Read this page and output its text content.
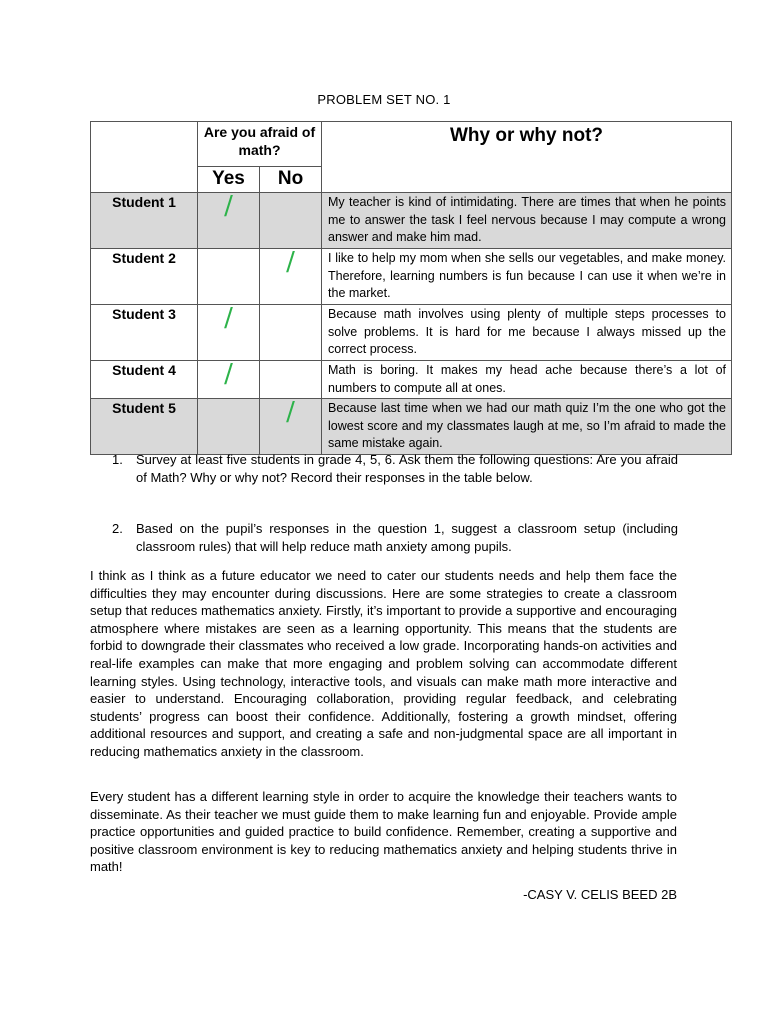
PROBLEM SET NO. 1
	Are you afraid of math?		Why or why not?
	Yes	No	
Student 1	/		My teacher is kind of intimidating. There are times that when he points me to answer the task I feel nervous because I may compute a wrong answer and make him mad.
Student 2		/	I like to help my mom when she sells our vegetables, and make money. Therefore, learning numbers is fun because I can use it when we’re in the market.
Student 3	/		Because math involves using plenty of multiple steps processes to solve problems. It is hard for me because I always missed up the correct process.
Student 4	/		Math is boring. It makes my head ache because there’s a lot of numbers to compute all at ones.
Student 5		/	Because last time when we had our math quiz I’m the one who got the lowest score and my classmates laugh at me, so I’m afraid to made the same mistake again.
1. Survey at least five students in grade 4, 5, 6. Ask them the following questions: Are you afraid of Math? Why or why not? Record their responses in the table below.
2. Based on the pupil’s responses in the question 1, suggest a classroom setup (including classroom rules) that will help reduce math anxiety among pupils.
I think as I think as a future educator we need to cater our students needs and help them face the difficulties they may encounter during discussions. Here are some strategies to create a classroom setup that reduces mathematics anxiety. Firstly, it’s important to provide a supportive and encouraging atmosphere where mistakes are seen as a learning opportunity. This means that the students are forbid to downgrade their classmates who received a low grade. Incorporating hands-on activities and real-life examples can make that more engaging and problem solving can accommodate different learning styles. Using technology, interactive tools, and visuals can make math more interactive and easier to understand. Encouraging collaboration, providing regular feedback, and celebrating students’ progress can boost their confidence. Additionally, fostering a growth mindset, offering additional resources and support, and creating a safe and non-judgmental space are all important in reducing mathematics anxiety in the classroom.
Every student has a different learning style in order to acquire the knowledge their teachers wants to disseminate. As their teacher we must guide them to make learning fun and enjoyable. Provide ample practice opportunities and guided practice to build confidence. Remember, creating a supportive and positive classroom environment is key to reducing mathematics anxiety and helping students thrive in math!
-CASY V. CELIS BEED 2B
